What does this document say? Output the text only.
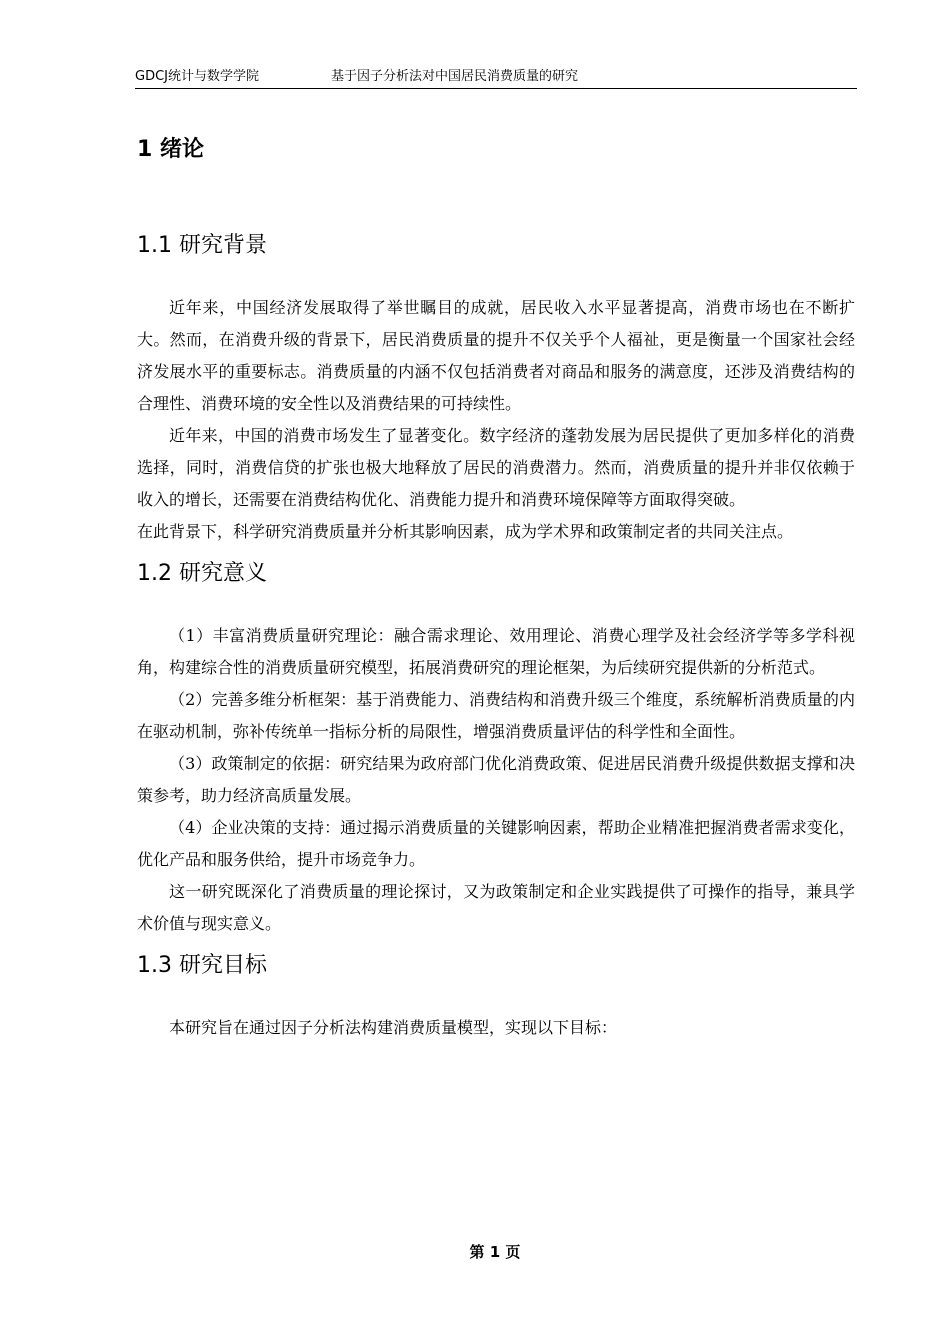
GDCJ统计与数学学院	基于因子分析法对中国居民消费质量的研究
1 绪论
1.1 研究背景

近年来，中国经济发展取得了举世瞩目的成就，居民收入水平显著提高，消费市场也在不断扩大。然而，在消费升级的背景下，居民消费质量的提升不仅关乎个人福祉，更是衡量一个国家社会经济发展水平的重要标志。消费质量的内涵不仅包括消费者对商品和服务的满意度，还涉及消费结构的合理性、消费环境的安全性以及消费结果的可持续性。

近年来，中国的消费市场发生了显著变化。数字经济的蓬勃发展为居民提供了更加多样化的消费选择，同时，消费信贷的扩张也极大地释放了居民的消费潜力。然而，消费质量的提升并非仅依赖于收入的增长，还需要在消费结构优化、消费能力提升和消费环境保障等方面取得突破。

在此背景下，科学研究消费质量并分析其影响因素，成为学术界和政策制定者的共同关注点。

1.2 研究意义

（1）丰富消费质量研究理论：融合需求理论、效用理论、消费心理学及社会经济学等多学科视角，构建综合性的消费质量研究模型，拓展消费研究的理论框架，为后续研究提供新的分析范式。

（2）完善多维分析框架：基于消费能力、消费结构和消费升级三个维度，系统解析消费质量的内在驱动机制，弥补传统单一指标分析的局限性，增强消费质量评估的科学性和全面性。

（3）政策制定的依据：研究结果为政府部门优化消费政策、促进居民消费升级提供数据支撑和决策参考，助力经济高质量发展。

（4）企业决策的支持：通过揭示消费质量的关键影响因素，帮助企业精准把握消费者需求变化，优化产品和服务供给，提升市场竞争力。

这一研究既深化了消费质量的理论探讨，又为政策制定和企业实践提供了可操作的指导，兼具学术价值与现实意义。

1.3 研究目标

本研究旨在通过因子分析法构建消费质量模型，实现以下目标：

第 1 页
